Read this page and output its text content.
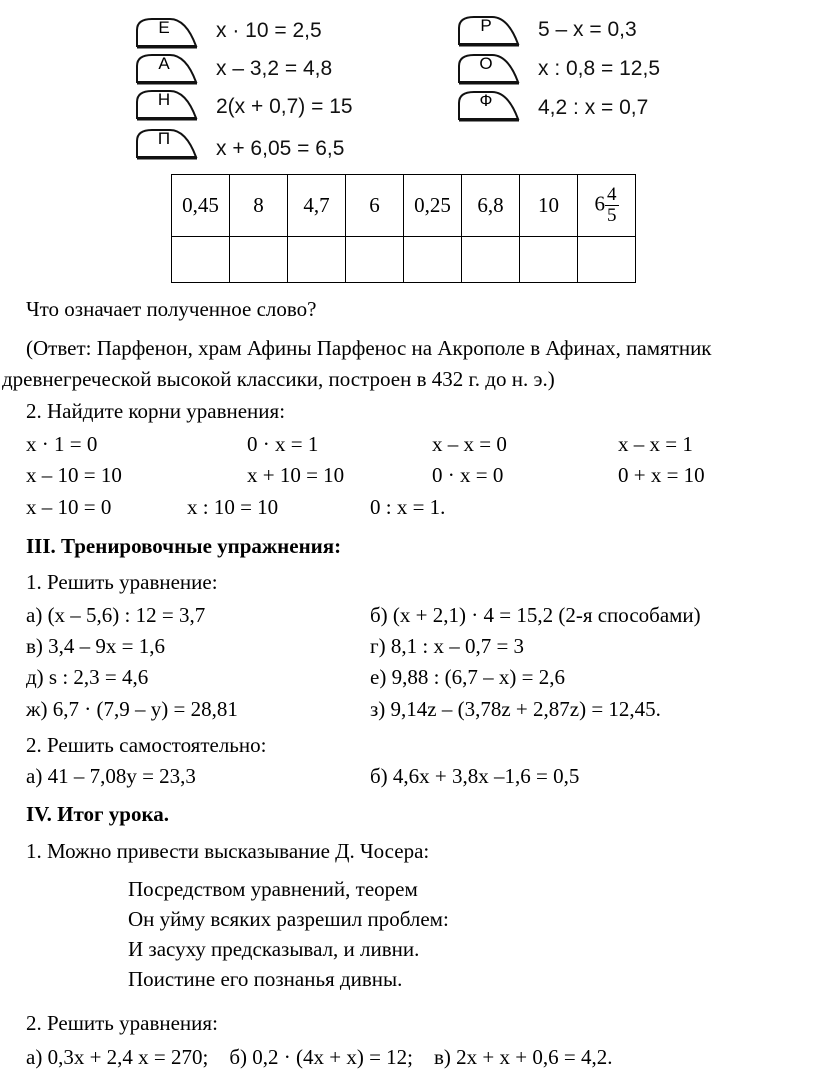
Е	x · 10 = 2,5
А	x – 3,2 = 4,8
Н	2(x + 0,7) = 15
П	x + 6,05 = 6,5
Р	5 – x = 0,3
О	x : 0,8 = 12,5
Ф	4,2 : x = 0,7
0,45	8	4,7	6	0,25	6,8	10	$6 \frac{4}{5}$

Что означает полученное слово?
(Ответ: Парфенон, храм Афины Парфенос на Акрополе в Афинах, памятник
древнегреческой высокой классики, построен в 432 г. до н. э.)
2. Найдите корни уравнения:
x · 1 = 0	0 · x = 1	x – x = 0	x – x = 1
x – 10 = 10	x + 10 = 10	0 · x = 0	0 + x = 10
x – 10 = 0	x : 10 = 10	0 : x = 1.
III. Тренировочные упражнения:
1. Решить уравнение:
а) (x – 5,6) : 12 = 3,7	б) (x + 2,1) · 4 = 15,2 (2-я способами)
в) 3,4 – 9x = 1,6	г) 8,1 : x – 0,7 = 3
д) s : 2,3 = 4,6	е) 9,88 : (6,7 – x) = 2,6
ж) 6,7 · (7,9 – y) = 28,81	з) 9,14z – (3,78z + 2,87z) = 12,45.
2. Решить самостоятельно:
а) 41 – 7,08y = 23,3	б) 4,6x + 3,8x –1,6 = 0,5
IV. Итог урока.
1. Можно привести высказывание Д. Чосера:
Посредством уравнений, теорем
Он уйму всяких разрешил проблем:
И засуху предсказывал, и ливни.
Поистине его познанья дивны.
2. Решить уравнения:
а) 0,3x + 2,4 x = 270;    б) 0,2 · (4x + x) = 12;    в) 2x + x + 0,6 = 4,2.
